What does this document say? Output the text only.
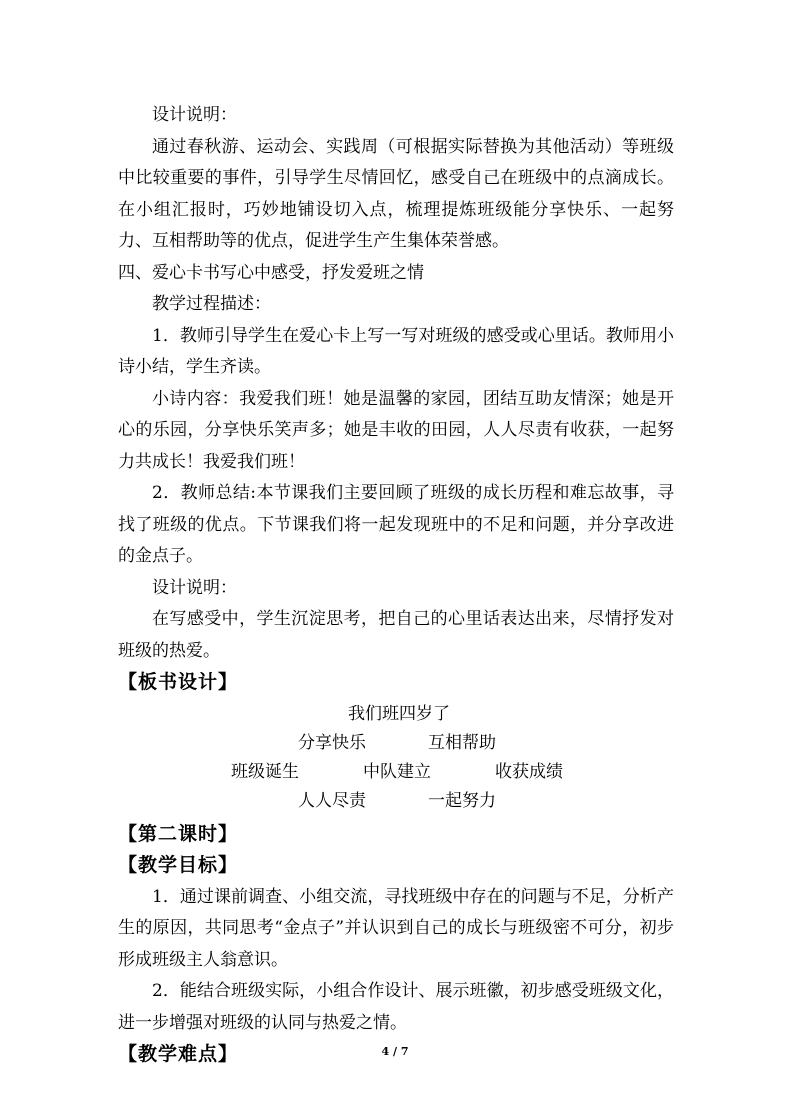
设计说明：

通过春秋游、运动会、实践周（可根据实际替换为其他活动）等班级中比较重要的事件，引导学生尽情回忆，感受自己在班级中的点滴成长。在小组汇报时，巧妙地铺设切入点，梳理提炼班级能分享快乐、一起努力、互相帮助等的优点，促进学生产生集体荣誉感。

四、爱心卡书写心中感受，抒发爱班之情

教学过程描述：

1．教师引导学生在爱心卡上写一写对班级的感受或心里话。教师用小诗小结，学生齐读。

小诗内容：我爱我们班！她是温馨的家园，团结互助友情深；她是开心的乐园，分享快乐笑声多；她是丰收的田园，人人尽责有收获，一起努力共成长！我爱我们班！

2．教师总结:本节课我们主要回顾了班级的成长历程和难忘故事，寻找了班级的优点。下节课我们将一起发现班中的不足和问题，并分享改进的金点子。

设计说明：

在写感受中，学生沉淀思考，把自己的心里话表达出来，尽情抒发对班级的热爱。

【板书设计】

我们班四岁了
分享快乐	互相帮助
班级诞生	中队建立	收获成绩
人人尽责	一起努力

【第二课时】

【教学目标】

1．通过课前调查、小组交流，寻找班级中存在的问题与不足，分析产生的原因，共同思考“金点子”并认识到自己的成长与班级密不可分，初步形成班级主人翁意识。

2．能结合班级实际，小组合作设计、展示班徽，初步感受班级文化，进一步增强对班级的认同与热爱之情。

【教学难点】	4 / 7
